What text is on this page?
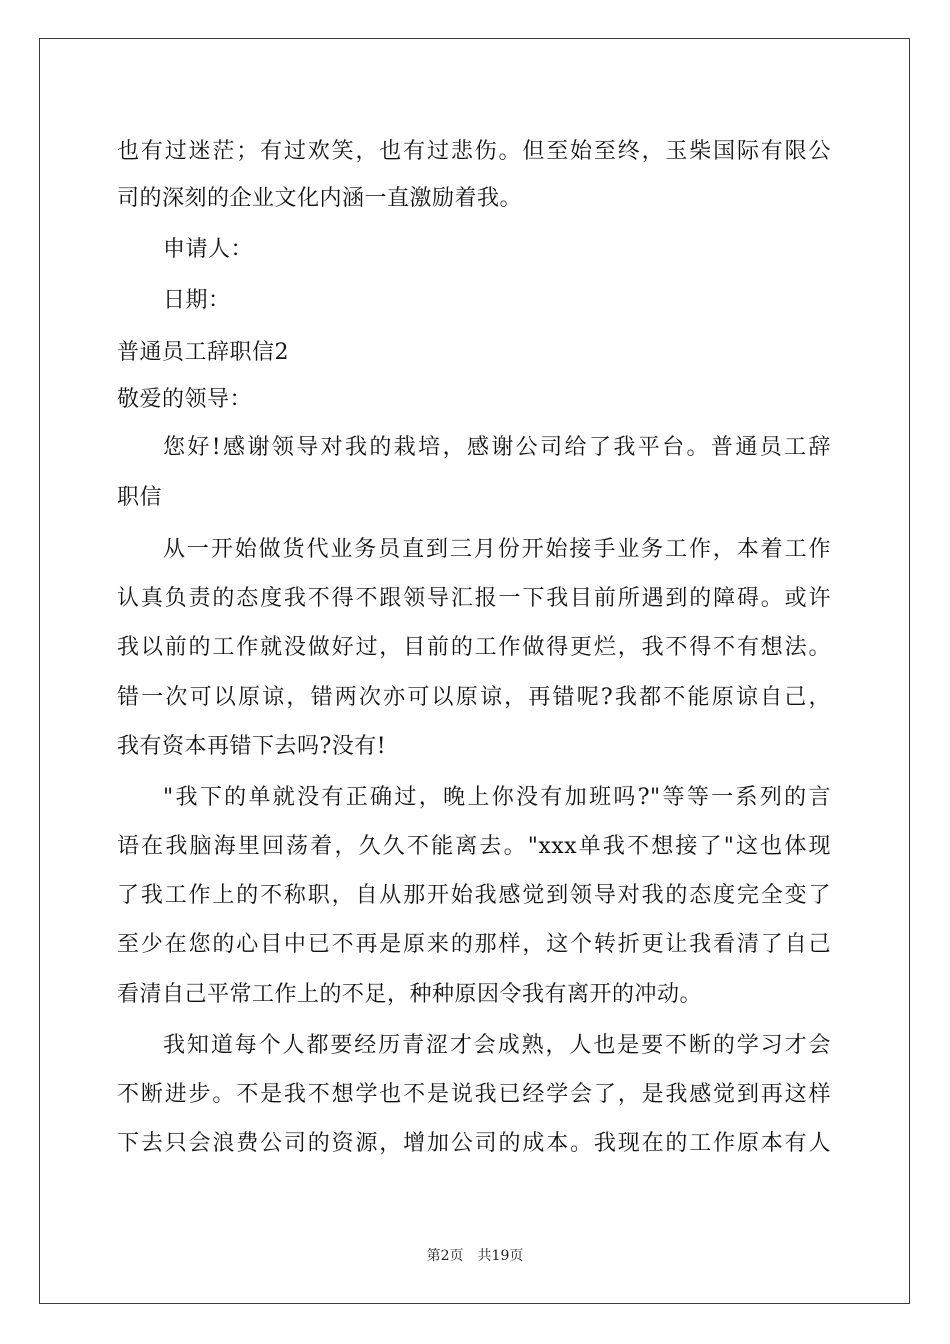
也有过迷茫；有过欢笑，也有过悲伤。但至始至终，玉柴国际有限公
司的深刻的企业文化内涵一直激励着我。
申请人：
日期：
普通员工辞职信2
敬爱的领导：
您好!感谢领导对我的栽培，感谢公司给了我平台。普通员工辞
职信
从一开始做货代业务员直到三月份开始接手业务工作，本着工作
认真负责的态度我不得不跟领导汇报一下我目前所遇到的障碍。或许
我以前的工作就没做好过，目前的工作做得更烂，我不得不有想法。
错一次可以原谅，错两次亦可以原谅，再错呢?我都不能原谅自己，
我有资本再错下去吗?没有!
"我下的单就没有正确过，晚上你没有加班吗?"等等一系列的言
语在我脑海里回荡着，久久不能离去。"xxx单我不想接了"这也体现
了我工作上的不称职，自从那开始我感觉到领导对我的态度完全变了
至少在您的心目中已不再是原来的那样，这个转折更让我看清了自己
看清自己平常工作上的不足，种种原因令我有离开的冲动。
我知道每个人都要经历青涩才会成熟，人也是要不断的学习才会
不断进步。不是我不想学也不是说我已经学会了，是我感觉到再这样
下去只会浪费公司的资源，增加公司的成本。我现在的工作原本有人
第2页 共19页
